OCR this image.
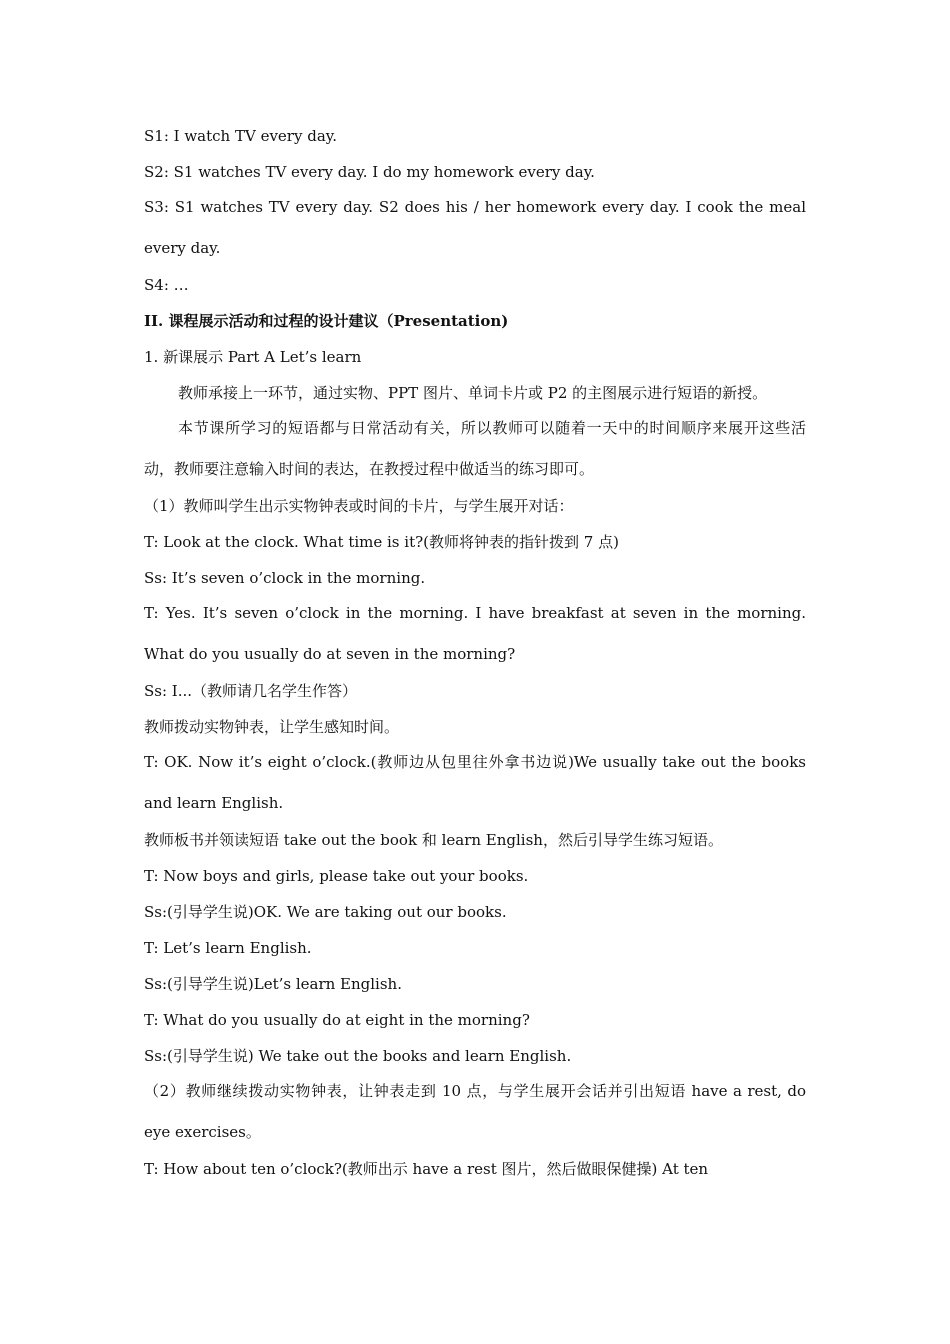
S1: I watch TV every day.

S2: S1 watches TV every day. I do my homework every day.

S3: S1 watches TV every day. S2 does his / her homework every day. I cook the meal every day.

S4: …

II. 课程展示活动和过程的设计建议（Presentation)

1. 新课展示 Part A Let’s learn

教师承接上一环节，通过实物、PPT 图片、单词卡片或 P2 的主图展示进行短语的新授。

本节课所学习的短语都与日常活动有关，所以教师可以随着一天中的时间顺序来展开这些活动，教师要注意输入时间的表达，在教授过程中做适当的练习即可。

（1）教师叫学生出示实物钟表或时间的卡片，与学生展开对话：

T: Look at the clock. What time is it?(教师将钟表的指针拨到 7 点)

Ss: It’s seven o’clock in the morning.

T: Yes. It’s seven o’clock in the morning. I have breakfast at seven in the morning. What do you usually do at seven in the morning?

Ss: I...（教师请几名学生作答）

教师拨动实物钟表，让学生感知时间。

T: OK. Now it’s eight o’clock.(教师边从包里往外拿书边说)We usually take out the books and learn English.

教师板书并领读短语 take out the book 和 learn English，然后引导学生练习短语。

T: Now boys and girls, please take out your books.

Ss:(引导学生说)OK. We are taking out our books.

T: Let’s learn English.

Ss:(引导学生说)Let’s learn English.

T: What do you usually do at eight in the morning?

Ss:(引导学生说) We take out the books and learn English.

（2）教师继续拨动实物钟表，让钟表走到 10 点，与学生展开会话并引出短语 have a rest, do eye exercises。

T: How about ten o’clock?(教师出示 have a rest 图片，然后做眼保健操) At ten
